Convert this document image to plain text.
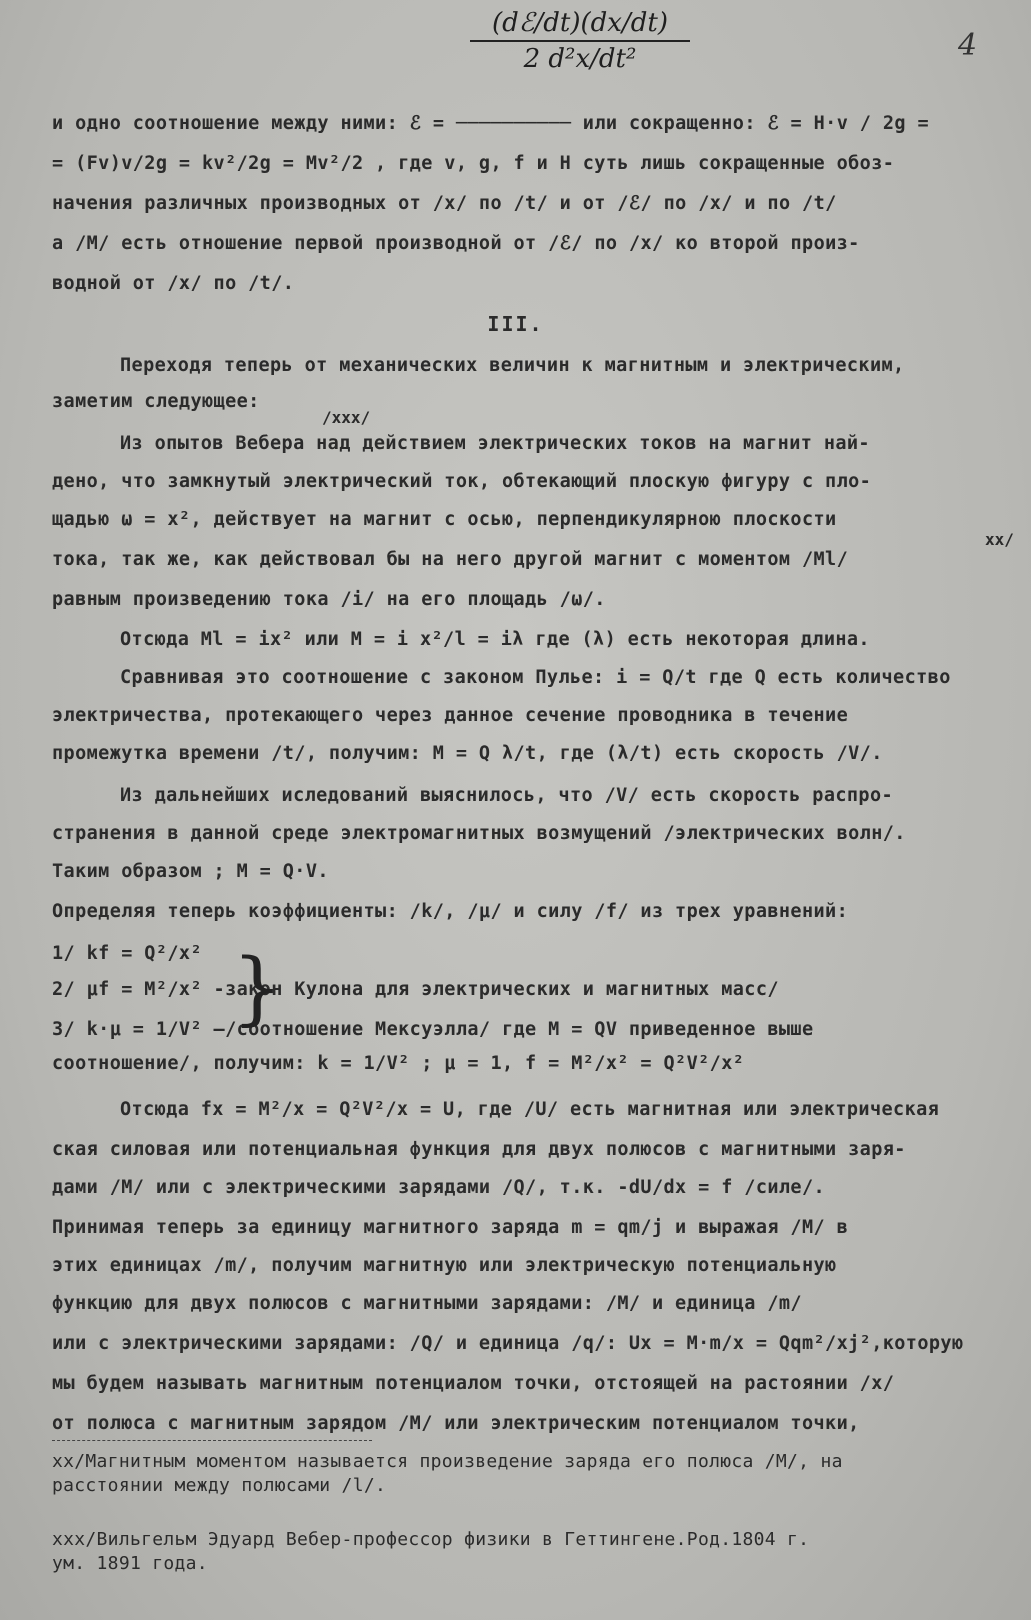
4
(dℰ/dt)(dx/dt)
2 d²x/dt²
и одно соотношение между ними: ℰ = ────────── или сокращенно: ℰ = H·v / 2g =
= (Fv)v/2g = kv²/2g = Mv²/2 , где v, g, f и H суть лишь сокращенные обоз-
начения различных производных от /x/ по /t/ и от /ℰ/ по /x/ и по /t/
а /M/ есть отношение первой производной от /ℰ/ по /x/ ко второй произ-
водной от /x/ по /t/.
III.
Переходя теперь от механических величин к магнитным и электрическим,
заметим следующее:
/xxx/
Из опытов Вебера над действием электрических токов на магнит най-
дено, что замкнутый электрический ток, обтекающий плоскую фигуру с пло-
щадью ω = x², действует на магнит с осью, перпендикулярною плоскости
xx/
тока, так же, как действовал бы на него другой магнит с моментом /Ml/
равным произведению тока /i/ на его площадь /ω/.
Отсюда Ml = ix² или M = i x²/l = iλ где (λ) есть некоторая длина.
Сравнивая это соотношение с законом Пулье: i = Q/t где Q есть количество
электричества, протекающего через данное сечение проводника в течение
промежутка времени /t/, получим: M = Q λ/t, где (λ/t) есть скорость /V/.
Из дальнейших иследований выяснилось, что /V/ есть скорость распро-
странения в данной среде электромагнитных возмущений /электрических волн/.
Таким образом ; M = Q·V.
Определяя теперь коэффициенты: /k/, /μ/ и силу /f/ из трех уравнений:
1/ kf = Q²/x²
2/ μf = M²/x² -закон Кулона для электрических и магнитных масс/
3/ k·μ = 1/V² —/соотношение Мексуэлла/ где M = QV приведенное выше
соотношение/, получим: k = 1/V² ; μ = 1, f = M²/x² = Q²V²/x²
Отсюда fx = M²/x = Q²V²/x = U, где /U/ есть магнитная или электрическая
ская силовая или потенциальная функция для двух полюсов с магнитными заря-
дами /M/ или с электрическими зарядами /Q/, т.к. -dU/dx = f /силе/.
Принимая теперь за единицу магнитного заряда m = qm/j и выражая /M/ в
этих единицах /m/, получим магнитную или электрическую потенциальную
функцию для двух полюсов с магнитными зарядами: /M/ и единица /m/
или с электрическими зарядами: /Q/ и единица /q/: Ux = M·m/x = Qqm²/xj²,которую
мы будем называть магнитным потенциалом точки, отстоящей на растоянии /x/
от полюса с магнитным зарядом /M/ или электрическим потенциалом точки,
}
xx/Магнитным моментом называется произведение заряда его полюса /M/, на
расстоянии между полюсами /l/.
xxx/Вильгельм Эдуард Вебер-профессор физики в Геттингене.Род.1804 г.
ум. 1891 года.
